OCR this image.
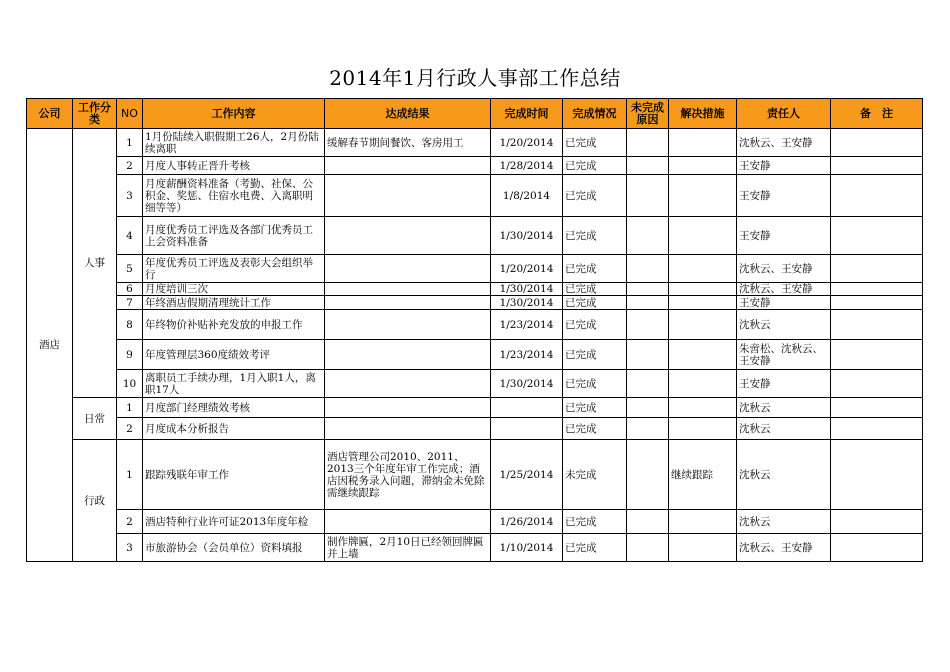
2014年1月行政人事部工作总结
公司	工作分类	NO	工作内容	达成结果	完成时间	完成情况	未完成原因	解决措施	责任人	备　注
酒店	人事	1	1月份陆续入职假期工26人，2月份陆续离职	缓解春节期间餐饮、客房用工	1/20/2014	已完成			沈秋云、王安静	
		2	月度人事转正晋升考核		1/28/2014	已完成			王安静	
		3	月度薪酬资料准备（考勤、社保、公积金、奖惩、住宿水电费、入离职明细等等）		1/8/2014	已完成			王安静	
		4	月度优秀员工评选及各部门优秀员工上会资料准备		1/30/2014	已完成			王安静	
		5	年度优秀员工评选及表彰大会组织举行		1/20/2014	已完成			沈秋云、王安静	
		6	月度培训三次		1/30/2014	已完成			沈秋云、王安静	
		7	年终酒店假期清理统计工作		1/30/2014	已完成			王安静	
		8	年终物价补贴补充发放的申报工作		1/23/2014	已完成			沈秋云	
		9	年度管理层360度绩效考评		1/23/2014	已完成			朱啻松、沈秋云、王安静	
		10	离职员工手续办理，1月入职1人，离职17人		1/30/2014	已完成			王安静	
	日常	1	月度部门经理绩效考核			已完成			沈秋云	
		2	月度成本分析报告			已完成			沈秋云	
	行政	1	跟踪残联年审工作	酒店管理公司2010、2011、2013三个年度年审工作完成；酒店因税务录入问题，滞纳金未免除需继续跟踪	1/25/2014	未完成		继续跟踪	沈秋云	
		2	酒店特种行业许可证2013年度年检		1/26/2014	已完成			沈秋云	
		3	市旅游协会（会员单位）资料填报	制作牌匾，2月10日已经领回牌匾并上墙	1/10/2014	已完成			沈秋云、王安静	
